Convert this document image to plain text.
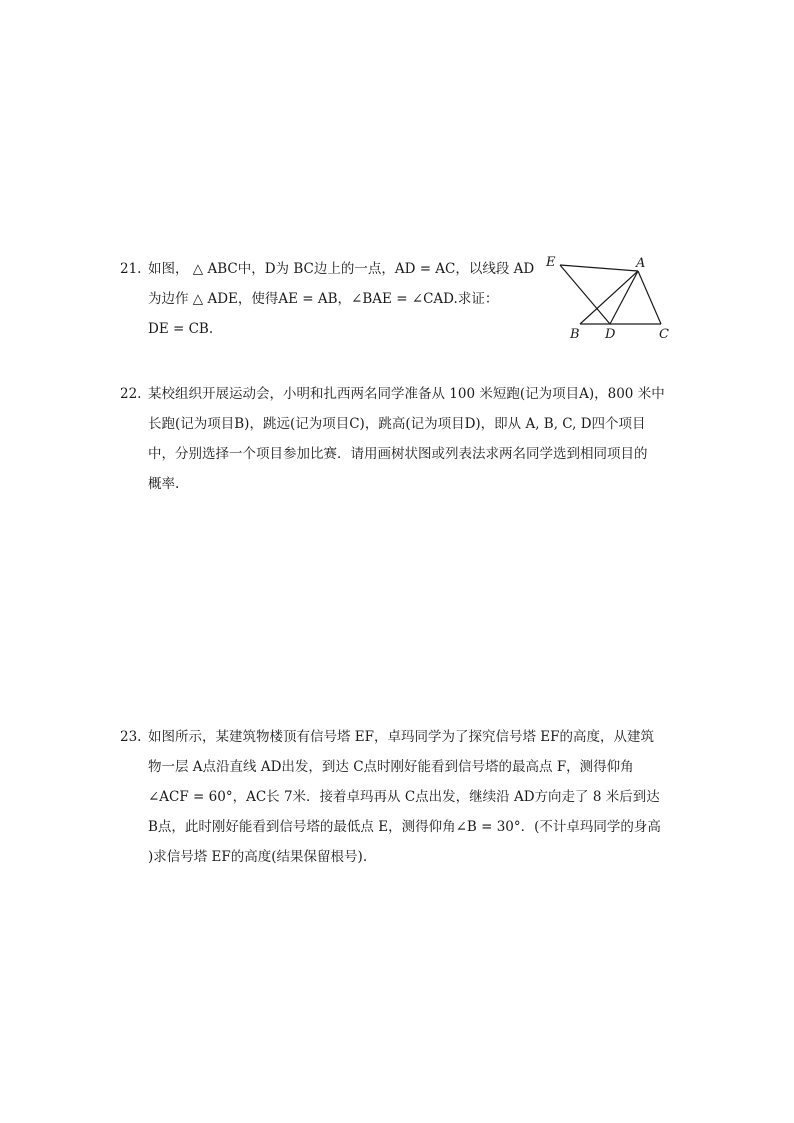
21. 如图， △ ABC中，D为 BC边上的一点，AD = AC，以线段 AD
为边作 △ ADE，使得AE = AB，∠BAE = ∠CAD.求证：
DE = CB.
E	A
B D	C
22. 某校组织开展运动会，小明和扎西两名同学准备从 100 米短跑(记为项目A)，800 米中
长跑(记为项目B)，跳远(记为项目C)，跳高(记为项目D)，即从 A, B, C, D四个项目
中，分别选择一个项目参加比赛．请用画树状图或列表法求两名同学选到相同项目的
概率.
23. 如图所示，某建筑物楼顶有信号塔 EF，卓玛同学为了探究信号塔 EF的高度，从建筑
物一层 A点沿直线 AD出发，到达 C点时刚好能看到信号塔的最高点 F，测得仰角
∠ACF = 60°，AC长 7米．接着卓玛再从 C点出发，继续沿 AD方向走了 8 米后到达
B点，此时刚好能看到信号塔的最低点 E，测得仰角∠B = 30°．(不计卓玛同学的身高
)求信号塔 EF的高度(结果保留根号).
